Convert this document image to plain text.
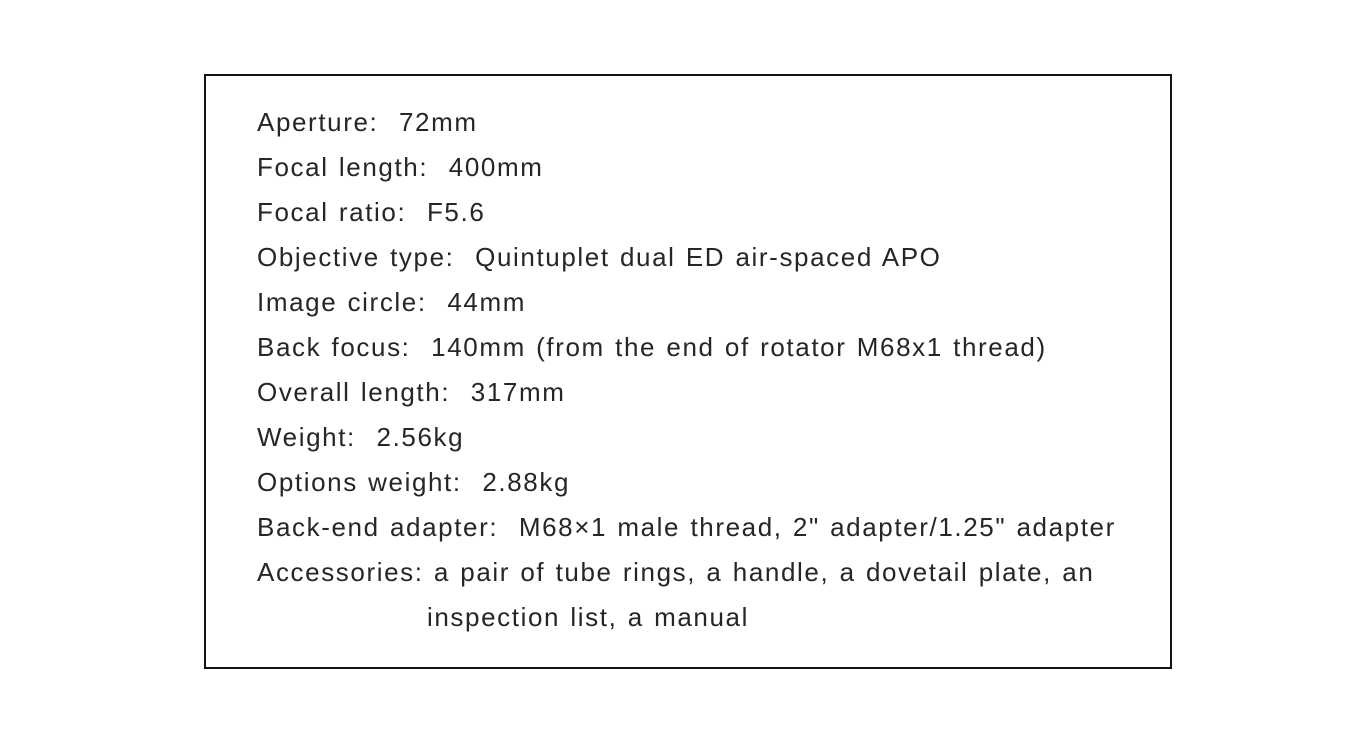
Aperture:  72mm
Focal length:  400mm
Focal ratio:  F5.6
Objective type:  Quintuplet dual ED air-spaced APO
Image circle:  44mm
Back focus:  140mm (from the end of rotator M68x1 thread)
Overall length:  317mm
Weight:  2.56kg
Options weight:  2.88kg
Back-end adapter:  M68×1 male thread, 2" adapter/1.25" adapter
Accessories: a pair of tube rings, a handle, a dovetail plate, an
inspection list, a manual
